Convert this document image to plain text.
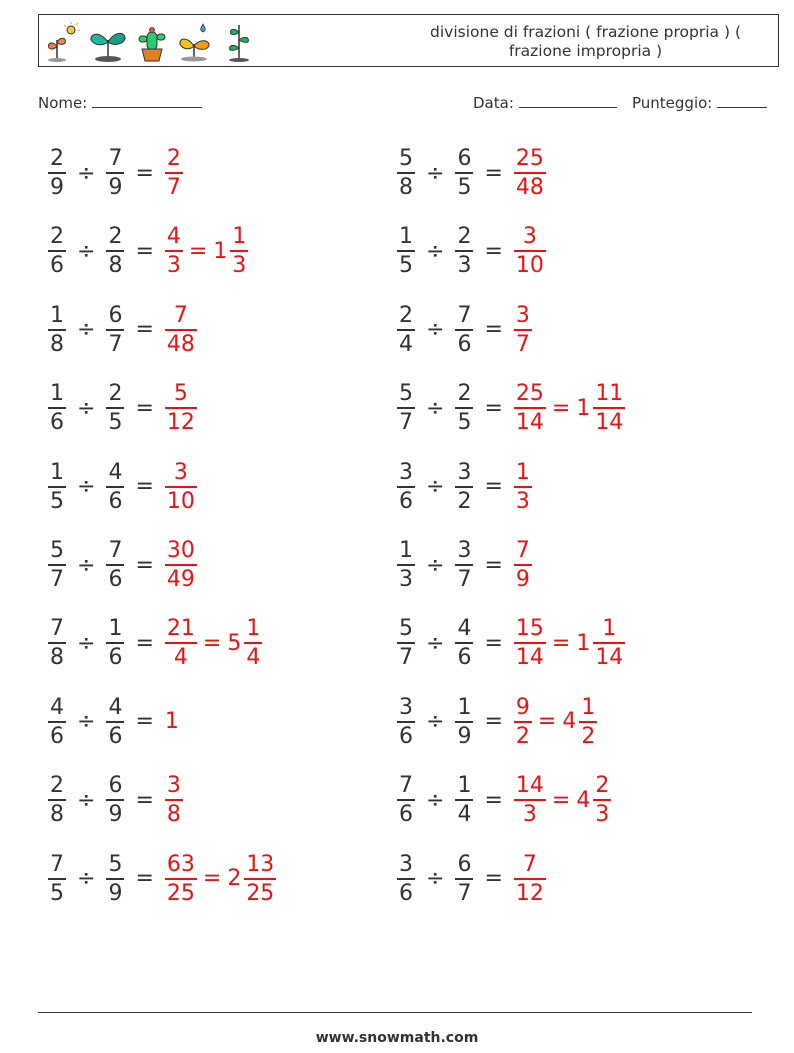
divisione di frazioni ( frazione propria ) ( frazione impropria )
Nome:	Data:	Punteggio:
$\frac{2}{9} \div \frac{7}{9} = \frac{2}{7}$	$\frac{5}{8} \div \frac{6}{5} = \frac{25}{48}$
$\frac{2}{6} \div \frac{2}{8} = \frac{4}{3} = 1 \frac{1}{3}$	$\frac{1}{5} \div \frac{2}{3} = \frac{3}{10}$
$\frac{1}{8} \div \frac{6}{7} = \frac{7}{48}$	$\frac{2}{4} \div \frac{7}{6} = \frac{3}{7}$
$\frac{1}{6} \div \frac{2}{5} = \frac{5}{12}$	$\frac{5}{7} \div \frac{2}{5} = \frac{25}{14} = 1 \frac{11}{14}$
$\frac{1}{5} \div \frac{4}{6} = \frac{3}{10}$	$\frac{3}{6} \div \frac{3}{2} = \frac{1}{3}$
$\frac{5}{7} \div \frac{7}{6} = \frac{30}{49}$	$\frac{1}{3} \div \frac{3}{7} = \frac{7}{9}$
$\frac{7}{8} \div \frac{1}{6} = \frac{21}{4} = 5 \frac{1}{4}$	$\frac{5}{7} \div \frac{4}{6} = \frac{15}{14} = 1 \frac{1}{14}$
$\frac{4}{6} \div \frac{4}{6} = 1$	$\frac{3}{6} \div \frac{1}{9} = \frac{9}{2} = 4 \frac{1}{2}$
$\frac{2}{8} \div \frac{6}{9} = \frac{3}{8}$	$\frac{7}{6} \div \frac{1}{4} = \frac{14}{3} = 4 \frac{2}{3}$
$\frac{7}{5} \div \frac{5}{9} = \frac{63}{25} = 2 \frac{13}{25}$	$\frac{3}{6} \div \frac{6}{7} = \frac{7}{12}$
www.snowmath.com
